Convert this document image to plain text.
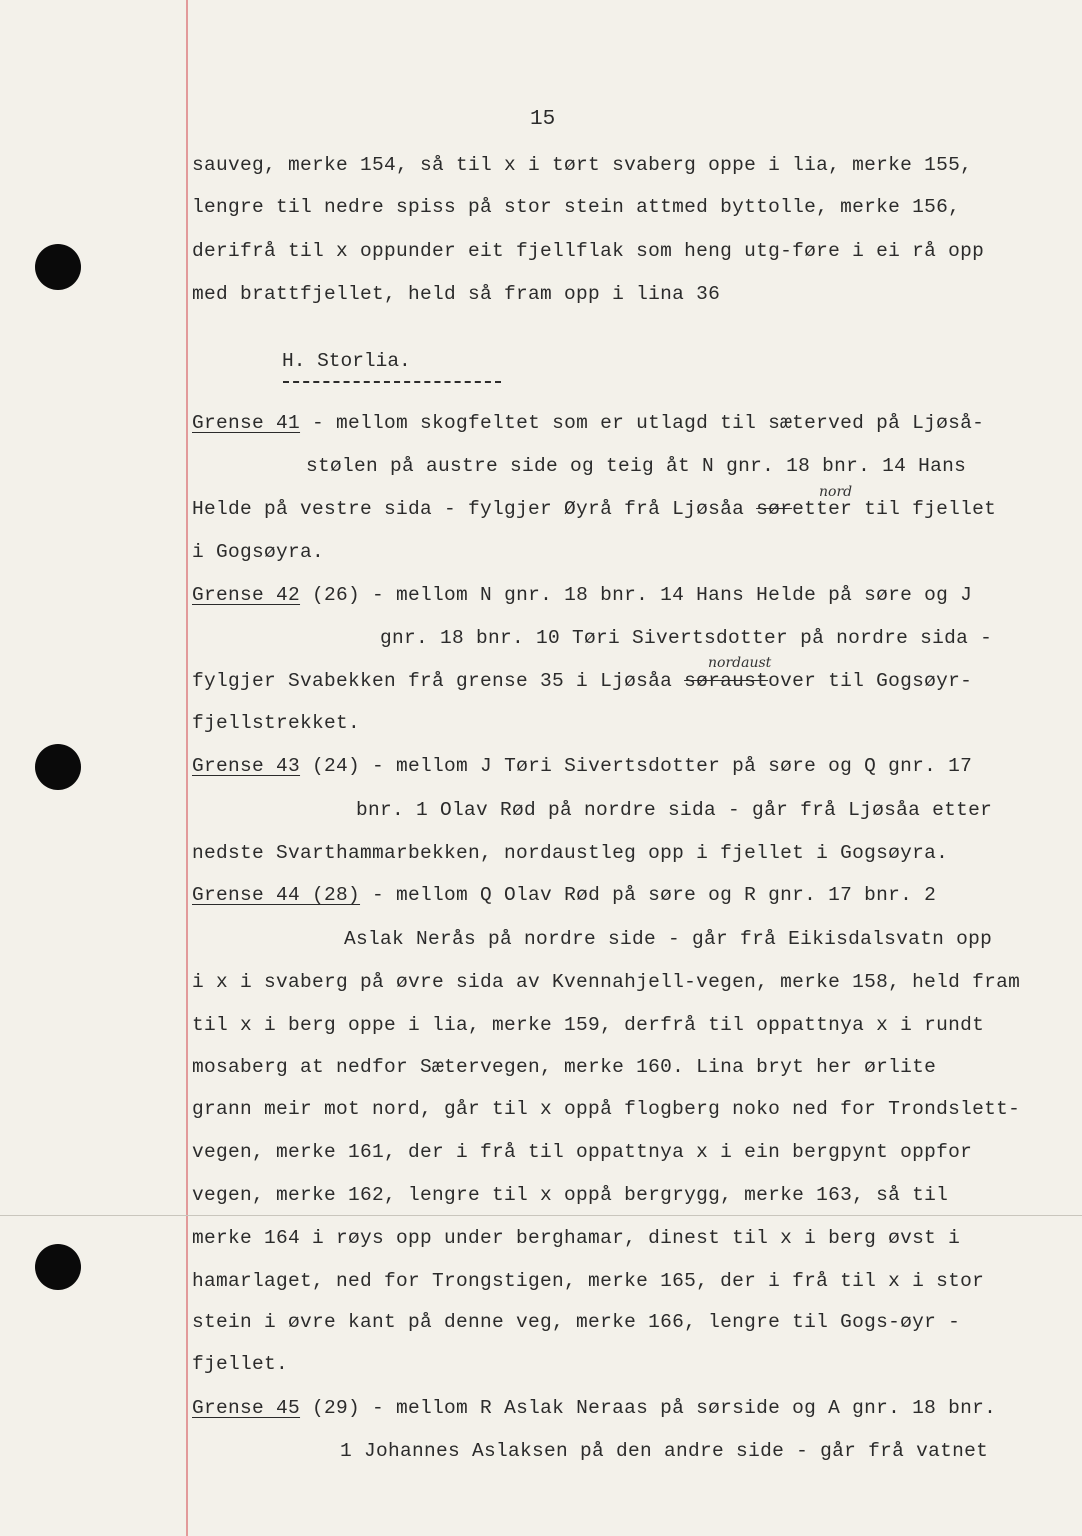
15
sauveg, merke 154, så til x i tørt svaberg oppe i lia, merke 155,
lengre til nedre spiss på stor stein attmed byttolle, merke 156,
derifrå til x oppunder eit fjellflak som heng utg-føre i ei rå opp
med brattfjellet, held så fram opp i lina 36
H. Storlia.
Grense 41 - mellom skogfeltet som er utlagd til sæterved på Ljøså-
stølen på austre side og teig åt N gnr. 18 bnr. 14 Hans
nord
Helde på vestre sida - fylgjer Øyrå frå Ljøsåa søretter til fjellet
i Gogsøyra.
Grense 42 (26) - mellom N gnr. 18 bnr. 14 Hans Helde på søre og J
gnr. 18 bnr. 10 Tøri Sivertsdotter på nordre sida -
nordaust
fylgjer Svabekken frå grense 35 i Ljøsåa søraustover til Gogsøyr-
fjellstrekket.
Grense 43 (24) - mellom J Tøri Sivertsdotter på søre og Q gnr. 17
bnr. 1 Olav Rød på nordre sida - går frå Ljøsåa etter
nedste Svarthammarbekken, nordaustleg opp i fjellet i Gogsøyra.
Grense 44 (28) - mellom Q Olav Rød på søre og R gnr. 17 bnr. 2
Aslak Nerås på nordre side - går frå Eikisdalsvatn opp
i x i svaberg på øvre sida av Kvennahjell-vegen, merke 158, held fram
til x i berg oppe i lia, merke 159, derfrå til oppattnya x i rundt
mosaberg at nedfor Sætervegen, merke 160. Lina bryt her ørlite
grann meir mot nord, går til x oppå flogberg noko ned for Trondslett-
vegen, merke 161, der i frå til oppattnya x i ein bergpynt oppfor
vegen, merke 162, lengre til x oppå bergrygg, merke 163, så til
merke 164 i røys opp under berghamar, dinest til x i berg øvst i
hamarlaget, ned for Trongstigen, merke 165, der i frå til x i stor
stein i øvre kant på denne veg, merke 166, lengre til Gogs-øyr -
fjellet.
Grense 45 (29) - mellom R Aslak Neraas på sørside og A gnr. 18 bnr.
1 Johannes Aslaksen på den andre side - går frå vatnet
